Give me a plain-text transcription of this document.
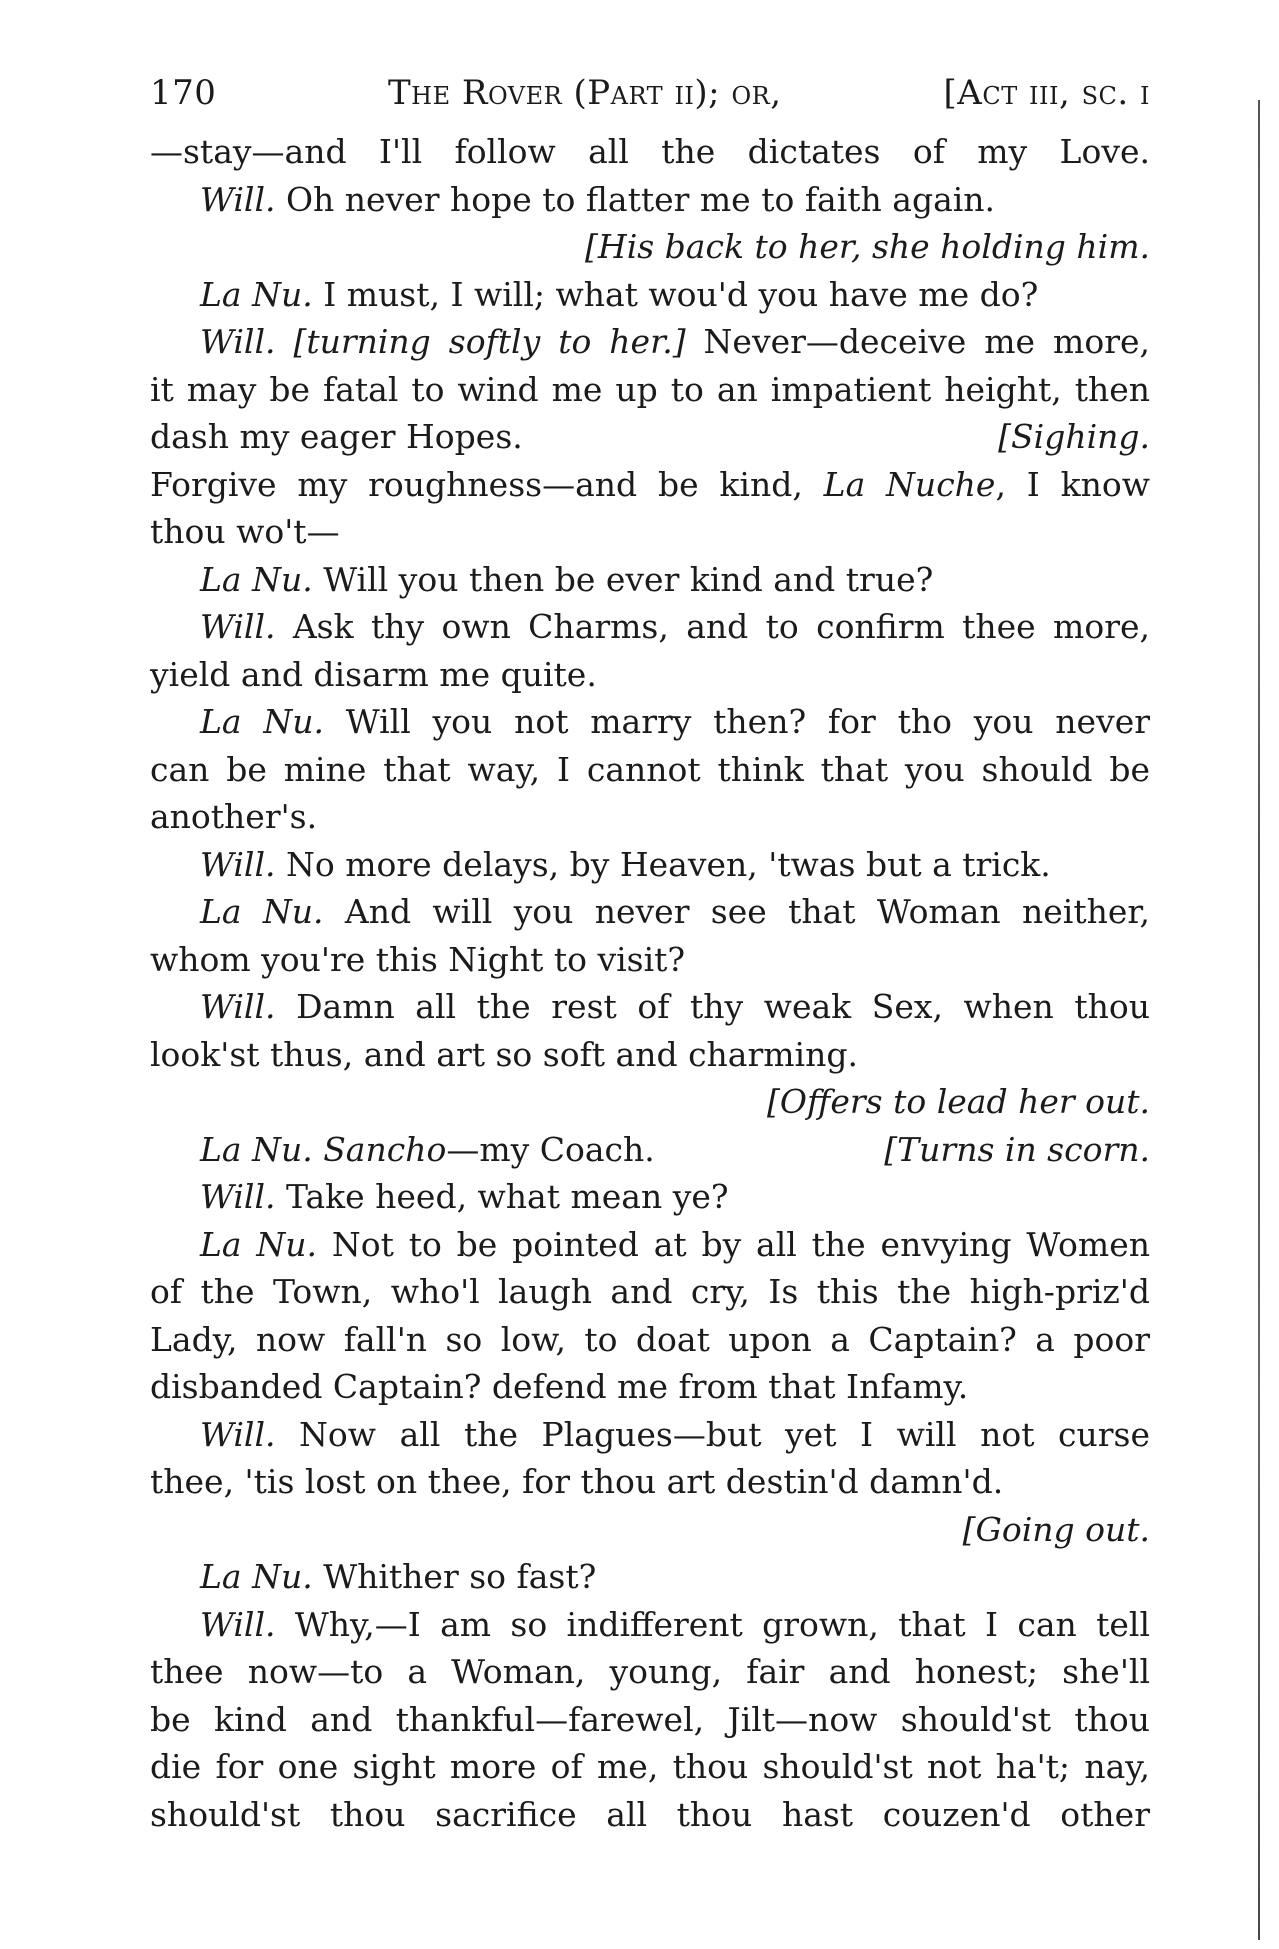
170	The Rover (Part ii); or,	[Act iii, sc. i
—stay—and I'll follow all the dictates of my Love.
Will. Oh never hope to flatter me to faith again.
[His back to her, she holding him.
La Nu. I must, I will; what wou'd you have me do?
Will. [turning softly to her.] Never—deceive me more,
it may be fatal to wind me up to an impatient height, then
dash my eager Hopes.	[Sighing.
Forgive my roughness—and be kind, La Nuche, I know
thou wo't—
La Nu. Will you then be ever kind and true?
Will. Ask thy own Charms, and to confirm thee more,
yield and disarm me quite.
La Nu. Will you not marry then? for tho you never
can be mine that way, I cannot think that you should be
another's.
Will. No more delays, by Heaven, 'twas but a trick.
La Nu. And will you never see that Woman neither,
whom you're this Night to visit?
Will. Damn all the rest of thy weak Sex, when thou
look'st thus, and art so soft and charming.
[Offers to lead her out.
La Nu. Sancho—my Coach.	[Turns in scorn.
Will. Take heed, what mean ye?
La Nu. Not to be pointed at by all the envying Women
of the Town, who'l laugh and cry, Is this the high-priz'd
Lady, now fall'n so low, to doat upon a Captain? a poor
disbanded Captain? defend me from that Infamy.
Will. Now all the Plagues—but yet I will not curse
thee, 'tis lost on thee, for thou art destin'd damn'd.
[Going out.
La Nu. Whither so fast?
Will. Why,—I am so indifferent grown, that I can tell
thee now—to a Woman, young, fair and honest; she'll
be kind and thankful—farewel, Jilt—now should'st thou
die for one sight more of me, thou should'st not ha't; nay,
should'st thou sacrifice all thou hast couzen'd other
